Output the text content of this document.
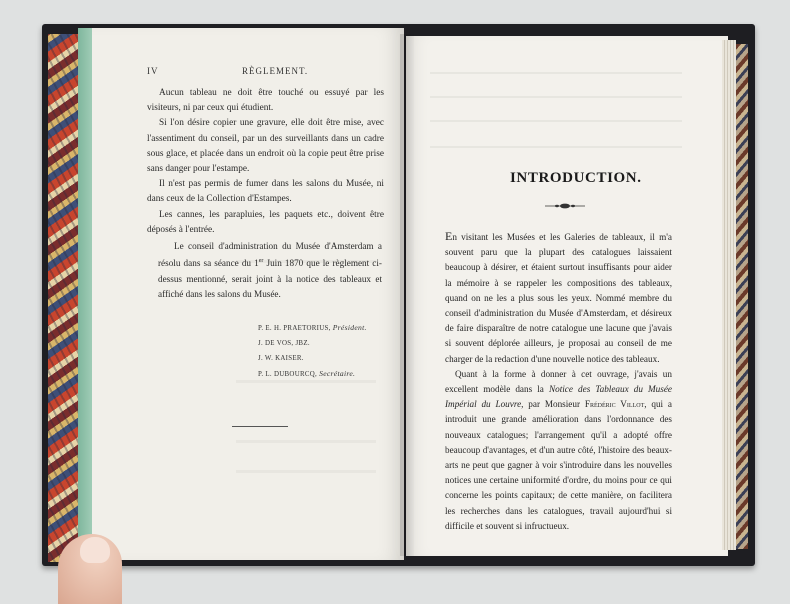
IV	RÈGLEMENT.

Aucun tableau ne doit être touché ou essuyé par les visiteurs, ni par ceux qui étudient.

Si l'on désire copier une gravure, elle doit être mise, avec l'assentiment du conseil, par un des surveillants dans un cadre sous glace, et placée dans un endroit où la copie peut être prise sans danger pour l'estampe.

Il n'est pas permis de fumer dans les salons du Musée, ni dans ceux de la Collection d'Estampes.

Les cannes, les parapluies, les paquets etc., doivent être déposés à l'entrée.

Le conseil d'administration du Musée d'Amsterdam a résolu dans sa séance du 1er Juin 1870 que le règlement ci-dessus mentionné, serait joint à la notice des tableaux et affiché dans les salons du Musée.

P. E. H. PRAETORIUS, Président.
J. DE VOS, JBZ.
J. W. KAISER.
P. L. DUBOURCQ, Secrétaire.
INTRODUCTION.

En visitant les Musées et les Galeries de tableaux, il m'a souvent paru que la plupart des catalogues laissaient beaucoup à désirer, et étaient surtout insuffisants pour aider la mémoire à se rappeler les compositions des tableaux, quand on ne les a plus sous les yeux. Nommé membre du conseil d'administration du Musée d'Amsterdam, et désireux de faire disparaître de notre catalogue une lacune que j'avais si souvent déplorée ailleurs, je proposai au conseil de me charger de la redaction d'une nouvelle notice des tableaux.

Quant à la forme à donner à cet ouvrage, j'avais un excellent modèle dans la Notice des Tableaux du Musée Impérial du Louvre, par Monsieur Frédéric Villot, qui a introduit une grande amélioration dans l'ordonnance des nouveaux catalogues; l'arrangement qu'il a adopté offre beaucoup d'avantages, et d'un autre côté, l'histoire des beaux-arts ne peut que gagner à voir s'introduire dans les nouvelles notices une certaine uniformité d'ordre, du moins pour ce qui concerne les points capitaux; de cette manière, on facilitera les recherches dans les catalogues, travail aujourd'hui si difficile et souvent si infructueux.
